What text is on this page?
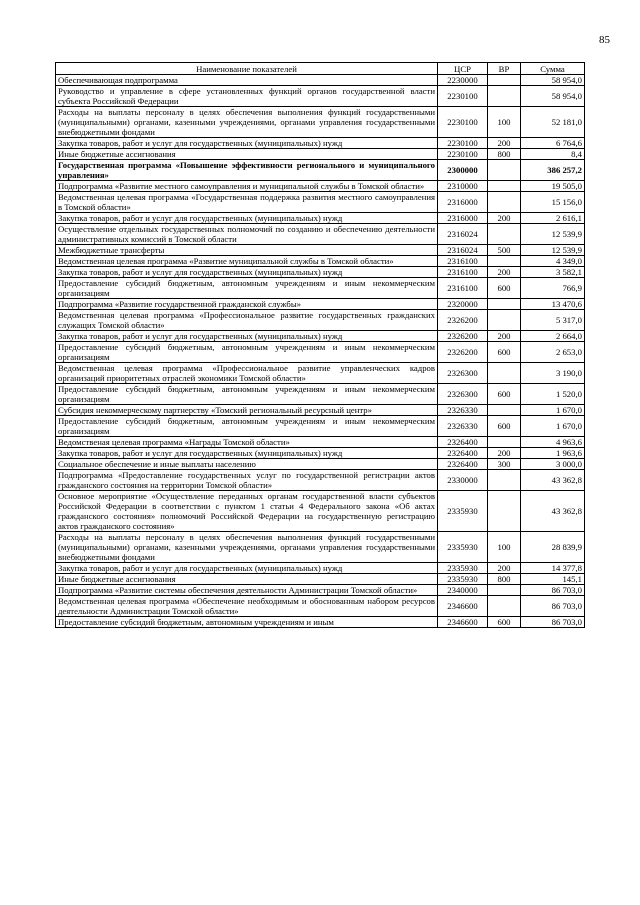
85
Наименование показателей	ЦСР	ВР	Сумма
Обеспечивающая подпрограмма	2230000		58 954,0
Руководство и управление в сфере установленных функций органов государственной власти субъекта Российской Федерации	2230100		58 954,0
Расходы на выплаты персоналу в целях обеспечения выполнения функций государственными (муниципальными) органами, казенными учреждениями, органами управления государственными внебюджетными фондами	2230100	100	52 181,0
Закупка товаров, работ и услуг для государственных (муниципальных) нужд	2230100	200	6 764,6
Иные бюджетные ассигнования	2230100	800	8,4
Государственная программа «Повышение эффективности регионального и муниципального управления»	2300000		386 257,2
Подпрограмма «Развитие местного самоуправления и муниципальной службы в Томской области»	2310000		19 505,0
Ведомственная целевая программа «Государственная поддержка развития местного самоуправления в Томской области»	2316000		15 156,0
Закупка товаров, работ и услуг для государственных (муниципальных) нужд	2316000	200	2 616,1
Осуществление отдельных государственных полномочий по созданию и обеспечению деятельности административных комиссий в Томской области	2316024		12 539,9
Межбюджетные трансферты	2316024	500	12 539,9
Ведомственная целевая программа «Развитие муниципальной службы в Томской области»	2316100		4 349,0
Закупка товаров, работ и услуг для государственных (муниципальных) нужд	2316100	200	3 582,1
Предоставление субсидий бюджетным, автономным учреждениям и иным некоммерческим организациям	2316100	600	766,9
Подпрограмма «Развитие государственной гражданской службы»	2320000		13 470,6
Ведомственная целевая программа «Профессиональное развитие государственных гражданских служащих Томской области»	2326200		5 317,0
Закупка товаров, работ и услуг для государственных (муниципальных) нужд	2326200	200	2 664,0
Предоставление субсидий бюджетным, автономным учреждениям и иным некоммерческим организациям	2326200	600	2 653,0
Ведомственная целевая программа «Профессиональное развитие управленческих кадров организаций приоритетных отраслей экономики Томской области»	2326300		3 190,0
Предоставление субсидий бюджетным, автономным учреждениям и иным некоммерческим организациям	2326300	600	1 520,0
Субсидия некоммерческому партнерству «Томский региональный ресурсный центр»	2326330		1 670,0
Предоставление субсидий бюджетным, автономным учреждениям и иным некоммерческим организациям	2326330	600	1 670,0
Ведомственая целевая программа «Награды Томской области»	2326400		4 963,6
Закупка товаров, работ и услуг для государственных (муниципальных) нужд	2326400	200	1 963,6
Социальное обеспечение и иные выплаты населению	2326400	300	3 000,0
Подпрограмма «Предоставление государственных услуг по государственной регистрации актов гражданского состояния на территории Томской области»	2330000		43 362,8
Основное мероприятие «Осуществление переданных органам государственной власти субъектов Российской Федерации в соответствии с пунктом 1 статьи 4 Федерального закона «Об актах гражданского состояния» полномочий Российской Федерации на государственную регистрацию актов гражданского состояния»	2335930		43 362,8
Расходы на выплаты персоналу в целях обеспечения выполнения функций государственными (муниципальными) органами, казенными учреждениями, органами управления государственными внебюджетными фондами	2335930	100	28 839,9
Закупка товаров, работ и услуг для государственных (муниципальных) нужд	2335930	200	14 377,8
Иные бюджетные ассигнования	2335930	800	145,1
Подпрограмма «Развитие системы обеспечения деятельности Администрации Томской области»	2340000		86 703,0
Ведомственная целевая программа «Обеспечение необходимым и обоснованным набором ресурсов деятельности Администрации Томской области»	2346600		86 703,0
Предоставление субсидий бюджетным, автономным учреждениям и иным	2346600	600	86 703,0
